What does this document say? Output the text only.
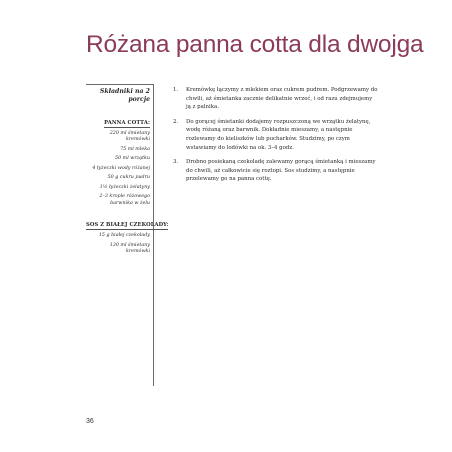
Różana panna cotta dla dwojga
Składniki na 2 porcje
PANNA COTTA:
220 ml śmietany kremówki
75 ml mleka
50 ml wrzątku
4 łyżeczki wody różanej
50 g cukru pudru
1½ łyżeczki żelatyny
2–3 krople różowego barwnika w żelu
SOS Z BIAŁEJ CZEKOLADY:
15 g białej czekolady
130 ml śmietany kremówki
1. Kremówkę łączymy z mlekiem oraz cukrem pudrem. Podgrzewamy do chwili, aż śmietanka zacznie delikatnie wrzeć, i od razu zdejmujemy ją z palnika.
2. Do gorącej śmietanki dodajemy rozpuszczoną we wrzątku żelatynę, wodę różaną oraz barwnik. Dokładnie mieszamy, a następnie rozlewamy do kieliszków lub pucharków. Studzimy, po czym wstawiamy do lodówki na ok. 3–4 godz.
3. Drobno posiekaną czekoladę zalewamy gorącą śmietanką i mieszamy do chwili, aż całkowicie się roztopi. Sos studzimy, a następnie przelewamy go na panna cottę.
36
